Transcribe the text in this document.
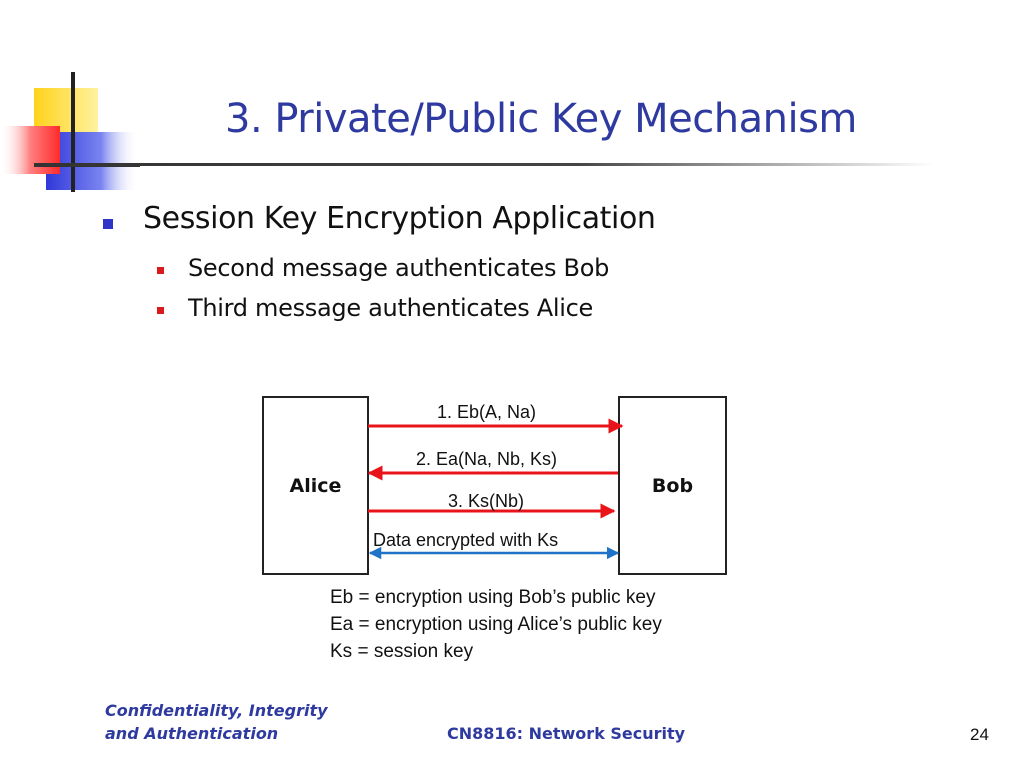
3. Private/Public Key Mechanism
Session Key Encryption Application
Second message authenticates Bob
Third message authenticates Alice
Alice	Bob
1. Eb(A, Na)
2. Ea(Na, Nb, Ks)
3. Ks(Nb)
Data encrypted with Ks
Eb = encryption using Bob’s public key
Ea = encryption using Alice’s public key
Ks = session key
Confidentiality, Integrity
and Authentication	CN8816: Network Security	24
